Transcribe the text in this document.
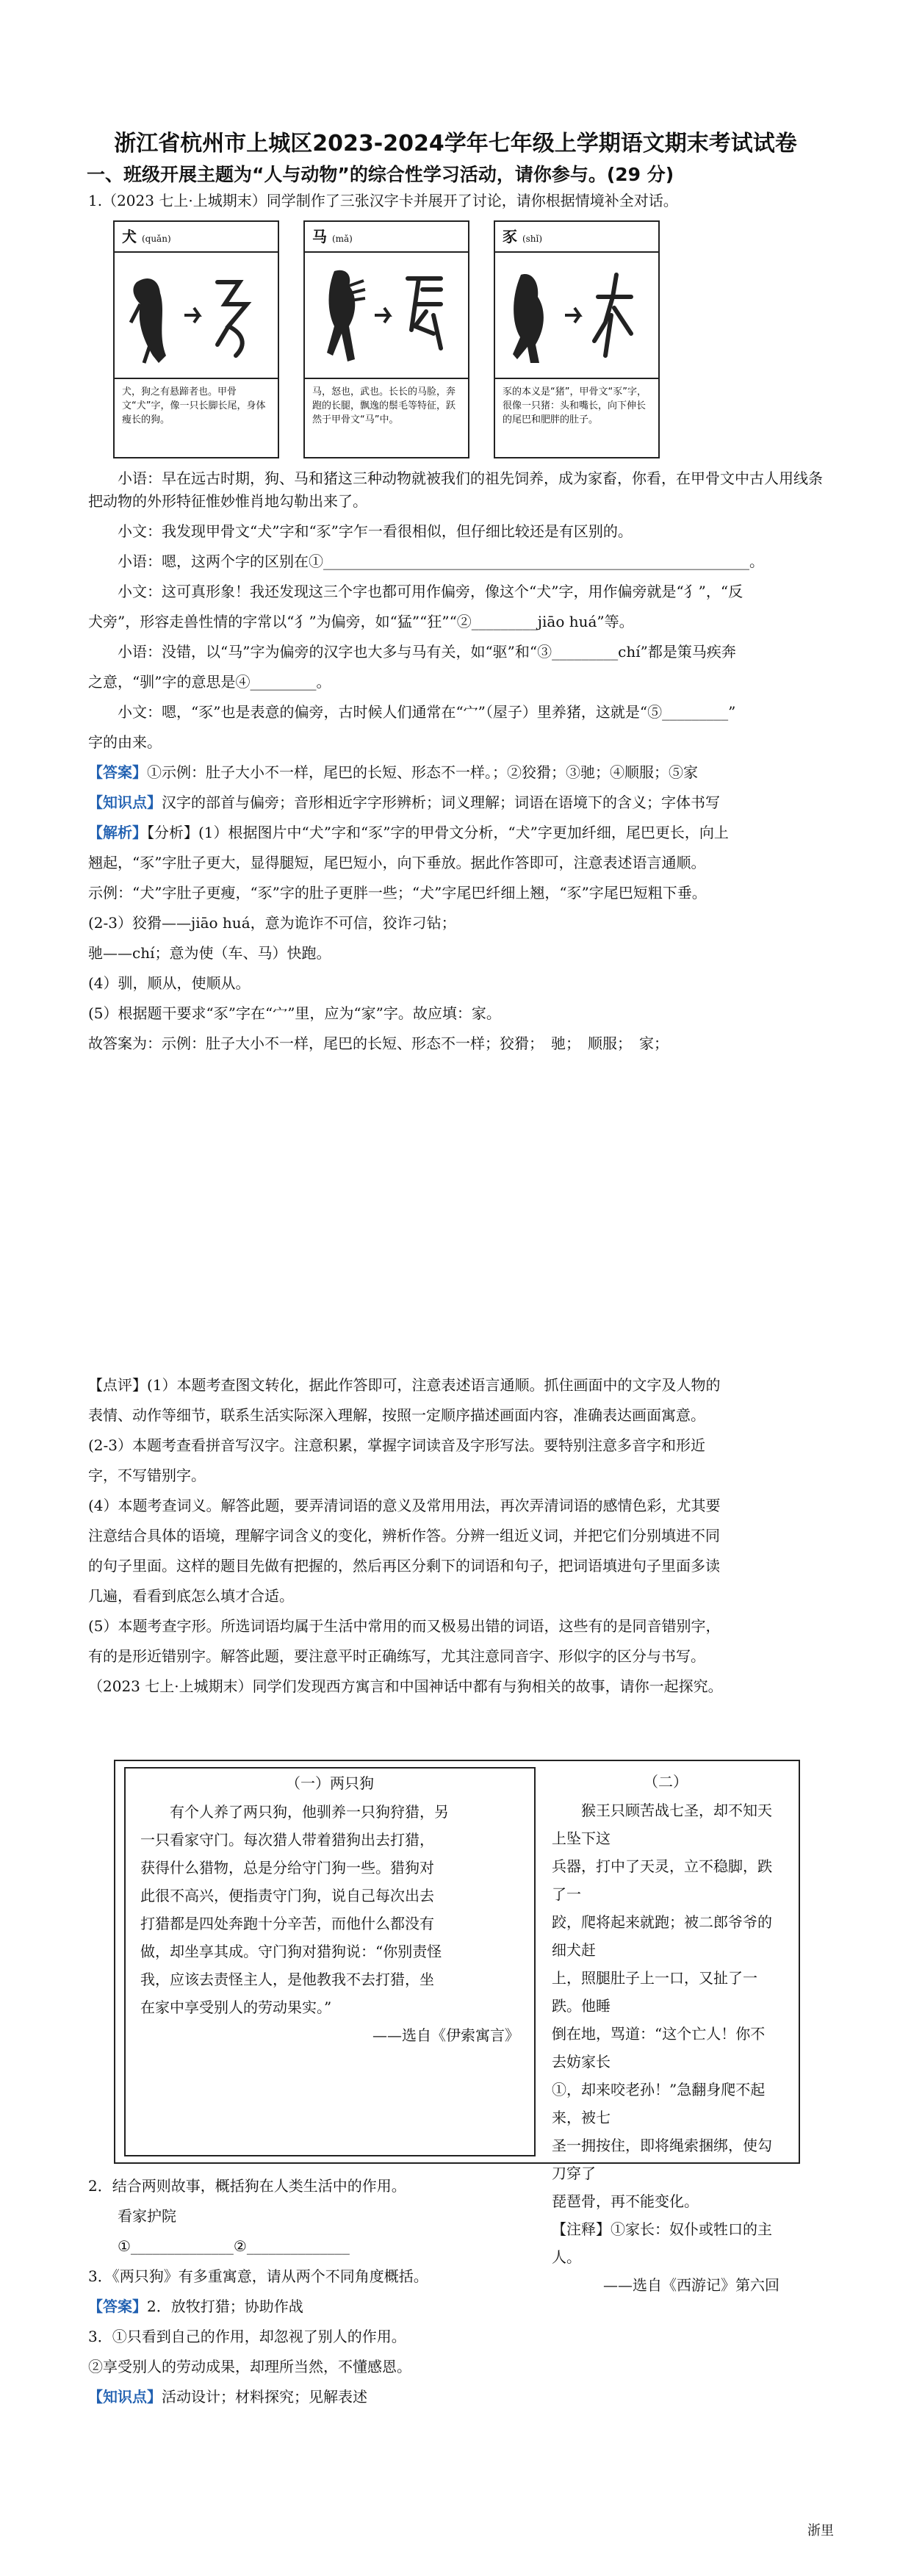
浙江省杭州市上城区2023-2024学年七年级上学期语文期末考试试卷
一、班级开展主题为“人与动物”的综合性学习活动，请你参与。(29 分)

1.（2023 七上·上城期末）同学制作了三张汉字卡并展开了讨论，请你根据情境补全对话。

犬 (quǎn)
犬，狗之有悬蹄者也。甲骨文“犬”字，像一只长脚长尾，身体瘦长的狗。
马 (mǎ)
马，怒也，武也。长长的马脸，奔跑的长腿，飘逸的鬃毛等特征，跃然于甲骨文“马”中。
豕 (shǐ)
豕的本义是“猪”，甲骨文“豕”字，很像一只猪：头和嘴长，向下伸长的尾巴和肥胖的肚子。

小语：早在远古时期，狗、马和猪这三种动物就被我们的祖先饲养，成为家畜，你看，在甲骨文中古人用线条把动物的外形特征惟妙惟肖地勾勒出来了。

小文：我发现甲骨文“犬”字和“豕”字乍一看很相似，但仔细比较还是有区别的。

小语：嗯，这两个字的区别在①__________________________________________________________。

小文：这可真形象！我还发现这三个字也都可用作偏旁，像这个“犬”字，用作偏旁就是“犭”，“反

犬旁”，形容走兽性情的字常以“犭”为偏旁，如“猛”“狂”“②_________jiāo huá”等。

小语：没错，以“马”字为偏旁的汉字也大多与马有关，如“驱”和“③_________chí”都是策马疾奔

之意，“驯”字的意思是④_________。

小文：嗯，“豕”也是表意的偏旁，古时候人们通常在“宀”（屋子）里养猪，这就是“⑤_________”

字的由来。

【答案】①示例：肚子大小不一样，尾巴的长短、形态不一样。；②狡猾；③驰；④顺服；⑤家

【知识点】汉字的部首与偏旁；音形相近字字形辨析；词义理解；词语在语境下的含义；字体书写

【解析】【分析】(1）根据图片中“犬”字和“豕”字的甲骨文分析，“犬”字更加纤细，尾巴更长，向上

翘起，“豕”字肚子更大，显得腿短，尾巴短小，向下垂放。据此作答即可，注意表述语言通顺。

示例：“犬”字肚子更瘦，“豕”字的肚子更胖一些；“犬”字尾巴纤细上翘，“豕”字尾巴短粗下垂。

(2-3）狡猾——jiāo huá，意为诡诈不可信，狡诈刁钻；

驰——chí；意为使（车、马）快跑。

(4）驯，顺从，使顺从。

(5）根据题干要求“豕”字在“宀”里，应为“家”字。故应填：家。

故答案为：示例：肚子大小不一样，尾巴的长短、形态不一样；狡猾；　驰；　顺服；　家；

【点评】(1）本题考查图文转化，据此作答即可，注意表述语言通顺。抓住画面中的文字及人物的

表情、动作等细节，联系生活实际深入理解，按照一定顺序描述画面内容，准确表达画面寓意。

(2-3）本题考查看拼音写汉字。注意积累，掌握字词读音及字形写法。要特别注意多音字和形近

字，不写错别字。

(4）本题考查词义。解答此题，要弄清词语的意义及常用用法，再次弄清词语的感情色彩，尤其要

注意结合具体的语境，理解字词含义的变化，辨析作答。分辨一组近义词，并把它们分别填进不同

的句子里面。这样的题目先做有把握的，然后再区分剩下的词语和句子，把词语填进句子里面多读

几遍，看看到底怎么填才合适。

(5）本题考查字形。所选词语均属于生活中常用的而又极易出错的词语，这些有的是同音错别字，

有的是形近错别字。解答此题，要注意平时正确练写，尤其注意同音字、形似字的区分与书写。

（2023 七上·上城期末）同学们发现西方寓言和中国神话中都有与狗相关的故事，请你一起探究。

（一）两只狗

有个人养了两只狗，他驯养一只狗狩猎，另

一只看家守门。每次猎人带着猎狗出去打猎，

获得什么猎物，总是分给守门狗一些。猎狗对

此很不高兴，便指责守门狗，说自己每次出去

打猎都是四处奔跑十分辛苦，而他什么都没有

做，却坐享其成。守门狗对猎狗说：“你别责怪

我，应该去责怪主人，是他教我不去打猎，坐

在家中享受别人的劳动果实。”

——选自《伊索寓言》

（二）

猴王只顾苦战七圣，却不知天上坠下这

兵器，打中了天灵，立不稳脚，跌了一

跤，爬将起来就跑；被二郎爷爷的细犬赶

上，照腿肚子上一口，又扯了一跌。他睡

倒在地，骂道：“这个亡人！你不去妨家长

①，却来咬老孙！”急翻身爬不起来，被七

圣一拥按住，即将绳索捆绑，使勾刀穿了

琵琶骨，再不能变化。

【注释】①家长：奴仆或牲口的主人。

——选自《西游记》第六回

2．结合两则故事，概括狗在人类生活中的作用。

看家护院

①______________②______________

3．《两只狗》有多重寓意，请从两个不同角度概括。

【答案】2．放牧打猎；协助作战

3．①只看到自己的作用，却忽视了别人的作用。

②享受别人的劳动成果，却理所当然，不懂感恩。

【知识点】活动设计；材料探究；见解表述

浙里
